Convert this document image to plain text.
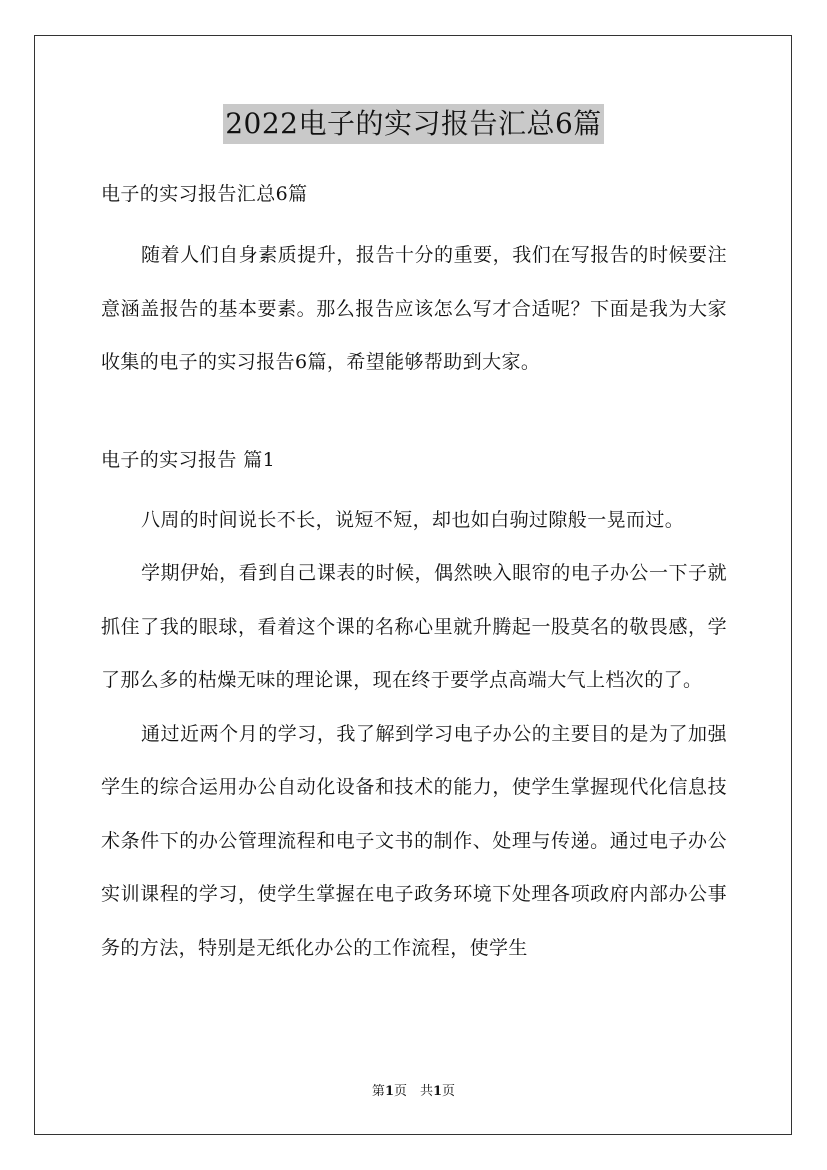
2022电子的实习报告汇总6篇

电子的实习报告汇总6篇

随着人们自身素质提升，报告十分的重要，我们在写报告的时候要注意涵盖报告的基本要素。那么报告应该怎么写才合适呢？下面是我为大家收集的电子的实习报告6篇，希望能够帮助到大家。

电子的实习报告 篇1

八周的时间说长不长，说短不短，却也如白驹过隙般一晃而过。

学期伊始，看到自己课表的时候，偶然映入眼帘的电子办公一下子就抓住了我的眼球，看着这个课的名称心里就升腾起一股莫名的敬畏感，学了那么多的枯燥无味的理论课，现在终于要学点高端大气上档次的了。

通过近两个月的学习，我了解到学习电子办公的主要目的是为了加强学生的综合运用办公自动化设备和技术的能力，使学生掌握现代化信息技术条件下的办公管理流程和电子文书的制作、处理与传递。通过电子办公实训课程的学习，使学生掌握在电子政务环境下处理各项政府内部办公事务的方法，特别是无纸化办公的工作流程，使学生

第1页　共1页
